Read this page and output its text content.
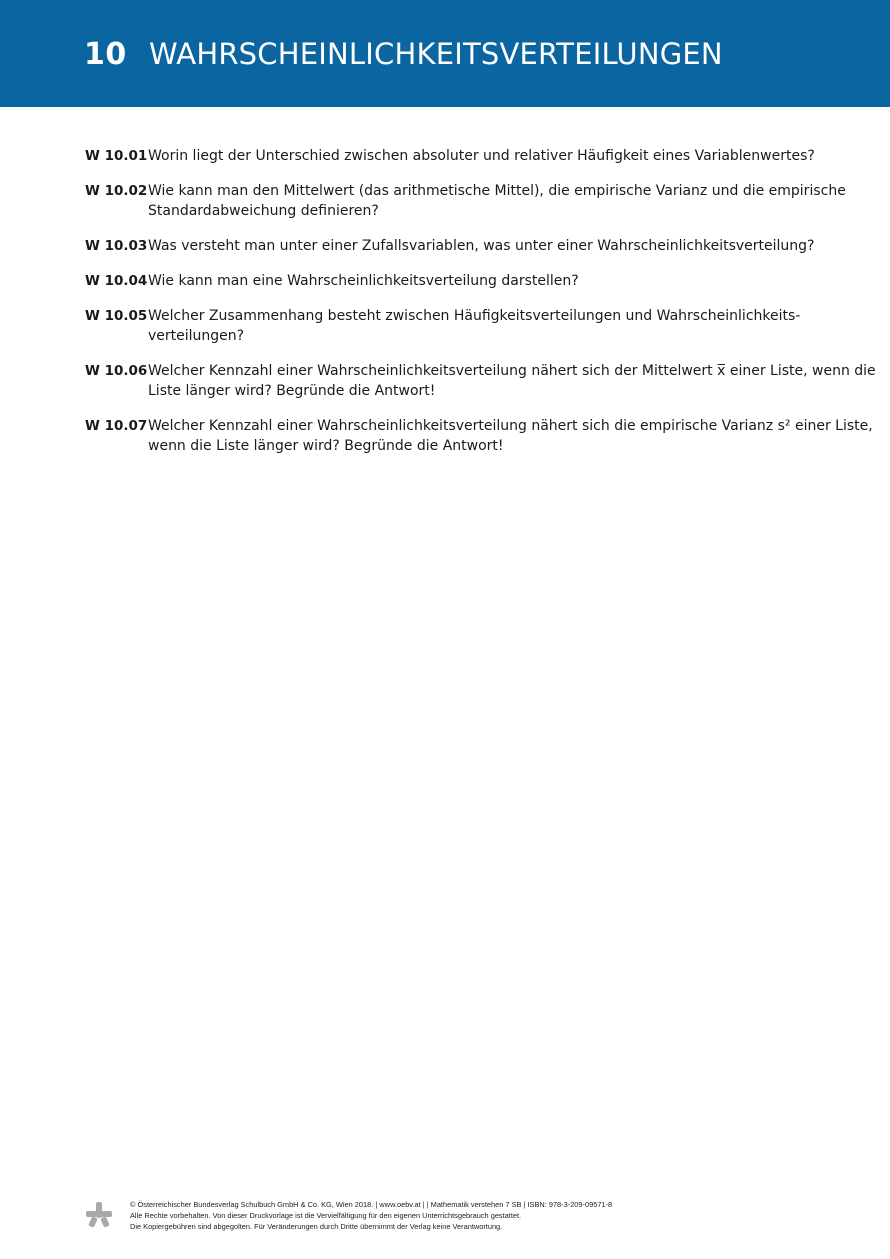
10 WAHRSCHEINLICHKEITSVERTEILUNGEN
W 10.01 Worin liegt der Unterschied zwischen absoluter und relativer Häufigkeit eines Variablenwertes?
W 10.02 Wie kann man den Mittelwert (das arithmetische Mittel), die empirische Varianz und die empirische
Standardabweichung definieren?
W 10.03 Was versteht man unter einer Zufallsvariablen, was unter einer Wahrscheinlichkeitsverteilung?
W 10.04 Wie kann man eine Wahrscheinlichkeitsverteilung darstellen?
W 10.05 Welcher Zusammenhang besteht zwischen Häufigkeitsverteilungen und Wahrscheinlichkeits-
verteilungen?
W 10.06 Welcher Kennzahl einer Wahrscheinlichkeitsverteilung nähert sich der Mittelwert x̅ einer Liste, wenn die
Liste länger wird? Begründe die Antwort!
W 10.07 Welcher Kennzahl einer Wahrscheinlichkeitsverteilung nähert sich die empirische Varianz s² einer Liste,
wenn die Liste länger wird? Begründe die Antwort!
© Österreichischer Bundesverlag Schulbuch GmbH & Co. KG, Wien 2018. | www.oebv.at | | Mathematik verstehen 7 SB | ISBN: 978-3-209-09571-8
Alle Rechte vorbehalten. Von dieser Druckvorlage ist die Vervielfältigung für den eigenen Unterrichtsgebrauch gestattet.
Die Kopiergebühren sind abgegolten. Für Veränderungen durch Dritte übernimmt der Verlag keine Verantwortung.
